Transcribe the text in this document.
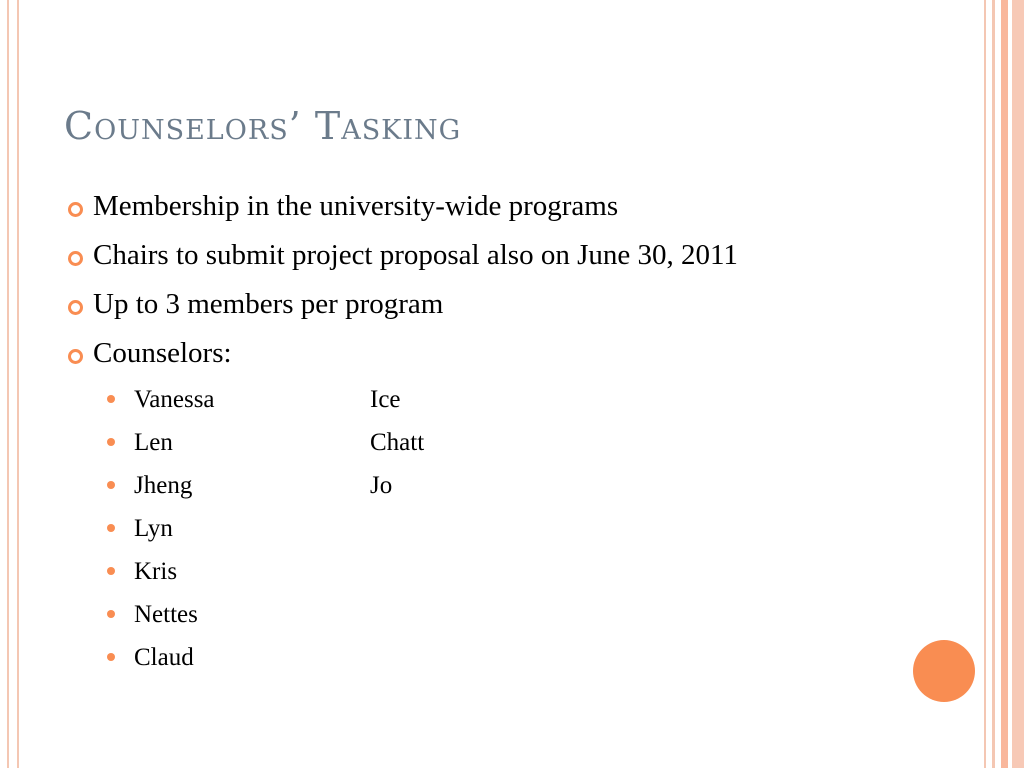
Counselors’ Tasking
Membership in the university-wide programs
Chairs to submit project proposal also on June 30, 2011
Up to 3 members per program
Counselors:
Vanessa	Ice
Len	Chatt
Jheng	Jo
Lyn
Kris
Nettes
Claud
